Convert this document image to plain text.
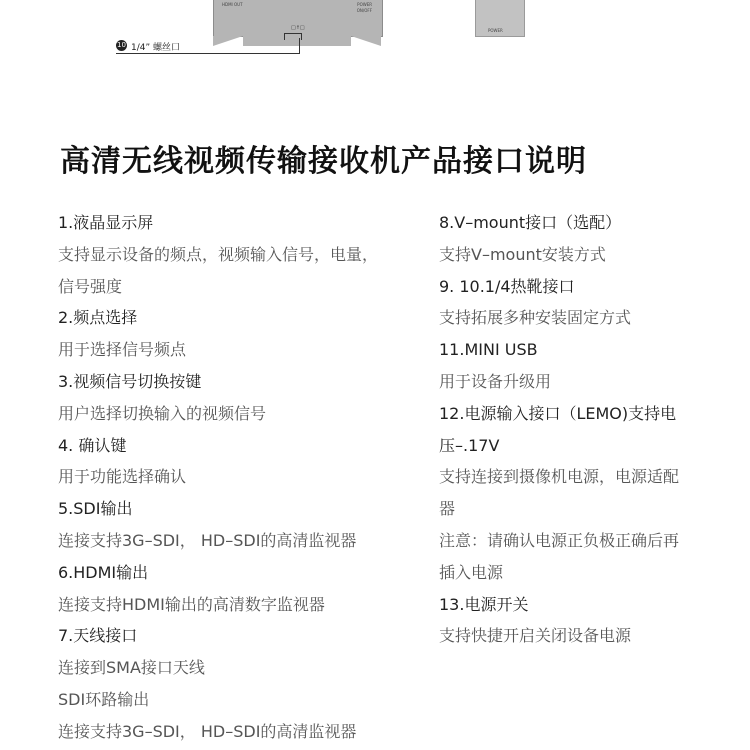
HDMI OUT	POWER
ON/OFF
□↑□
10 1/4” 螺丝口
POWER
高清无线视频传输接收机产品接口说明
1.液晶显示屏
支持显示设备的频点，视频输入信号，电量，
信号强度
2.频点选择
用于选择信号频点
3.视频信号切换按键
用户选择切换输入的视频信号
4. 确认键
用于功能选择确认
5.SDI输出
连接支持3G–SDI， HD–SDI的高清监视器
6.HDMI输出
连接支持HDMI输出的高清数字监视器
7.天线接口
连接到SMA接口天线
SDI环路输出
连接支持3G–SDI， HD–SDI的高清监视器
8.V–mount接口（选配）
支持V–mount安装方式
9. 10.1/4热靴接口
支持拓展多种安装固定方式
11.MINI USB
用于设备升级用
12.电源输入接口（LEMO)支持电
压–.17V
支持连接到摄像机电源，电源适配
器
注意：请确认电源正负极正确后再
插入电源
13.电源开关
支持快捷开启关闭设备电源
